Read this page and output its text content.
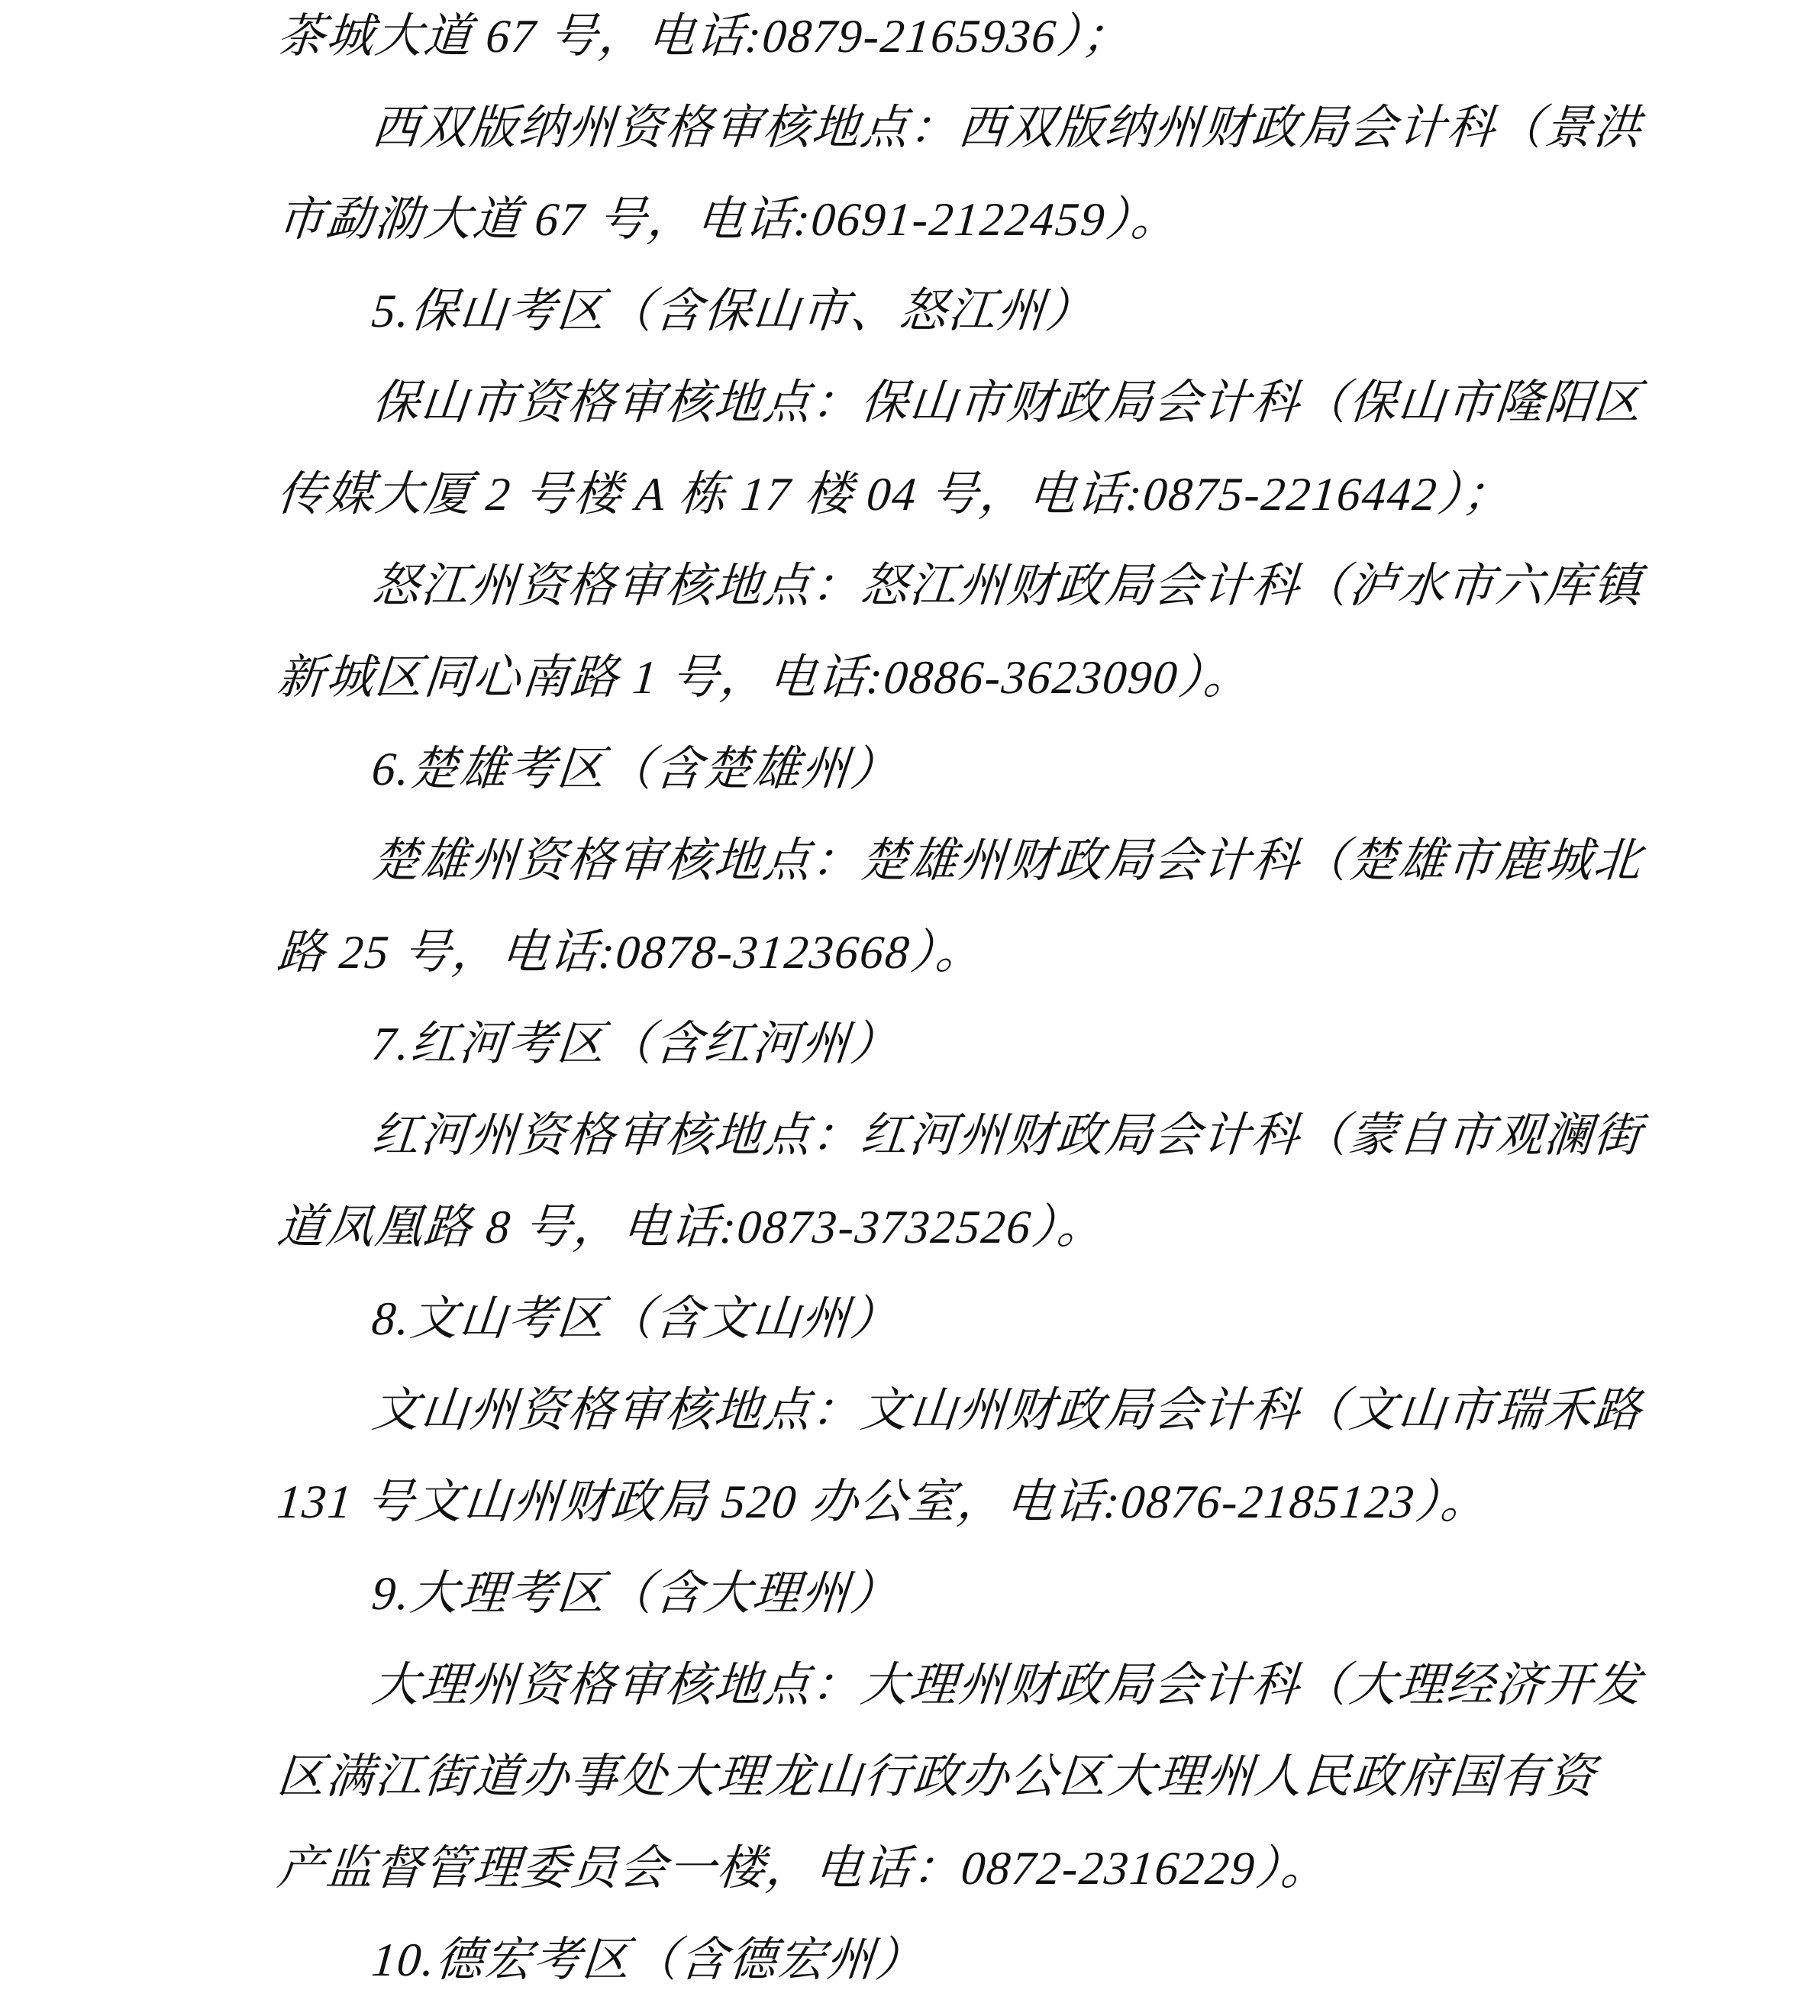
茶城大道 67 号，电话:0879-2165936）；
西双版纳州资格审核地点：西双版纳州财政局会计科（景洪
市勐泐大道 67 号，电话:0691-2122459）。
5.保山考区（含保山市、怒江州）
保山市资格审核地点：保山市财政局会计科（保山市隆阳区
传媒大厦 2 号楼 A 栋 17 楼 04 号，电话:0875-2216442）；
怒江州资格审核地点：怒江州财政局会计科（泸水市六库镇
新城区同心南路 1 号，电话:0886-3623090）。
6.楚雄考区（含楚雄州）
楚雄州资格审核地点：楚雄州财政局会计科（楚雄市鹿城北
路 25 号，电话:0878-3123668）。
7.红河考区（含红河州）
红河州资格审核地点：红河州财政局会计科（蒙自市观澜街
道凤凰路 8 号，电话:0873-3732526）。
8.文山考区（含文山州）
文山州资格审核地点：文山州财政局会计科（文山市瑞禾路
131 号文山州财政局 520 办公室，电话:0876-2185123）。
9.大理考区（含大理州）
大理州资格审核地点：大理州财政局会计科（大理经济开发
区满江街道办事处大理龙山行政办公区大理州人民政府国有资
产监督管理委员会一楼，电话：0872-2316229）。
10.德宏考区（含德宏州）
